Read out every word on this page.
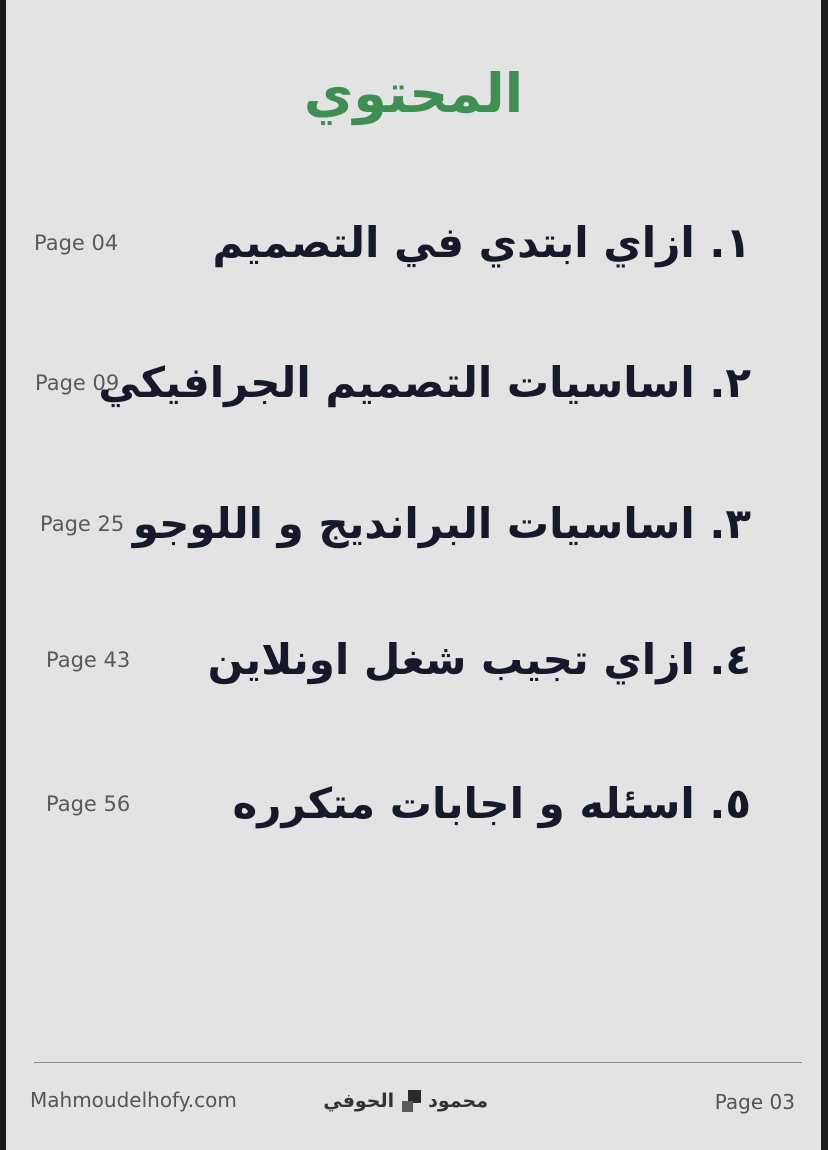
المحتوي
١. ازاي ابتدي في التصميم
Page 04
٢. اساسيات التصميم الجرافيكي
Page 09
٣. اساسيات البرانديج و اللوجو
Page 25
٤. ازاي تجيب شغل اونلاين
Page 43
٥. اسئله و اجابات متكرره
Page 56
Mahmoudelhofy.com	محمود
الحوفي	Page 03
